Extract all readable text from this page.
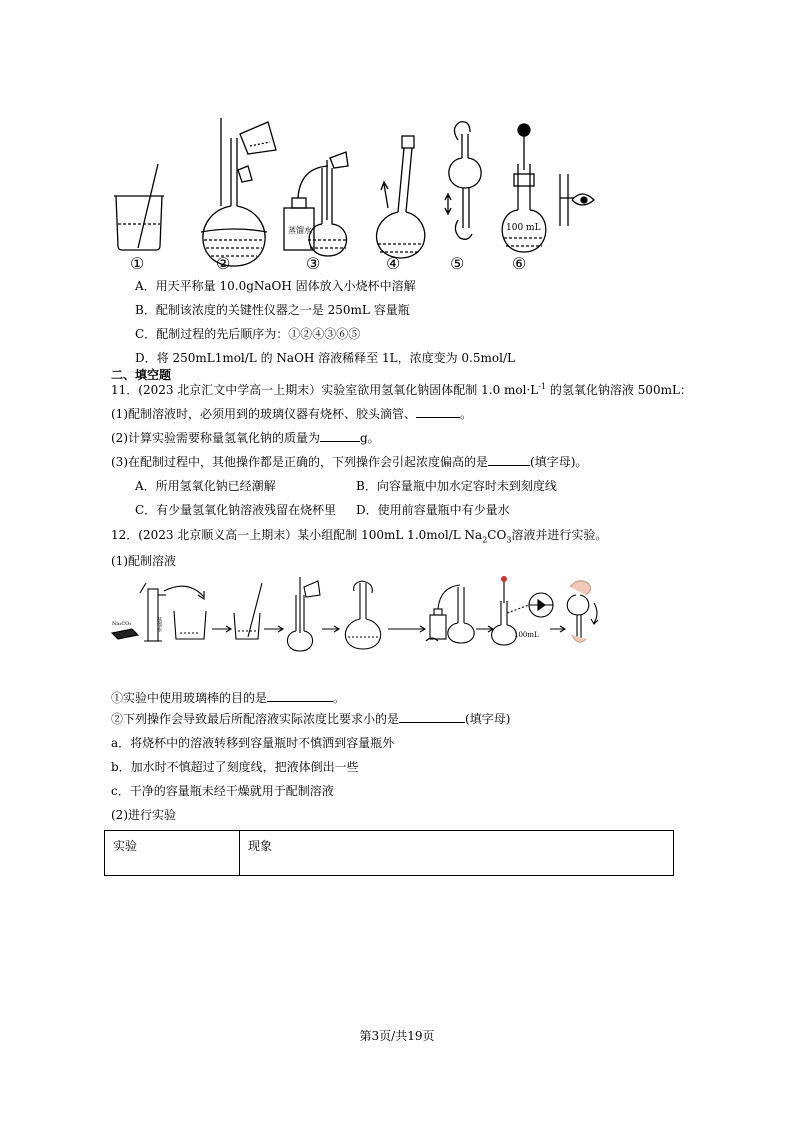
100 mL
蒸馏水
①	②	③	④	⑤	⑥
A．用天平称量 10.0gNaOH 固体放入小烧杯中溶解
B．配制该浓度的关键性仪器之一是 250mL 容量瓶
C．配制过程的先后顺序为：①②④③⑥⑤
D．将 250mL1mol/L 的 NaOH 溶液稀释至 1L，浓度变为 0.5mol/L
二、填空题
11．(2023 北京汇文中学高一上期末）实验室欲用氢氧化钠固体配制 1.0 $mol\cdot L^{-1}$ 的氢氧化钠溶液 500mL：
(1)配制溶液时，必须用到的玻璃仪器有烧杯、胶头滴管、	。
(2)计算实验需要称量氢氧化钠的质量为	g。
(3)在配制过程中，其他操作都是正确的，下列操作会引起浓度偏高的是	(填字母)。
A．所用氢氧化钠已经潮解	B．向容量瓶中加水定容时未到刻度线
C．有少量氢氧化钠溶液残留在烧杯里 D．使用前容量瓶中有少量水
12．(2023 北京顺义高一上期末）某小组配制 100mL 1.0mol/L $Na_2CO_3$溶液并进行实验。
(1)配制溶液
Na₂CO₃	蒸馏水
100mL
①实验中使用玻璃棒的目的是	。
②下列操作会导致最后所配溶液实际浓度比要求小的是	(填字母)
a．将烧杯中的溶液转移到容量瓶时不慎洒到容量瓶外
b．加水时不慎超过了刻度线，把液体倒出一些
c．干净的容量瓶未经干燥就用于配制溶液
(2)进行实验
实验	现象
第3页/共19页
